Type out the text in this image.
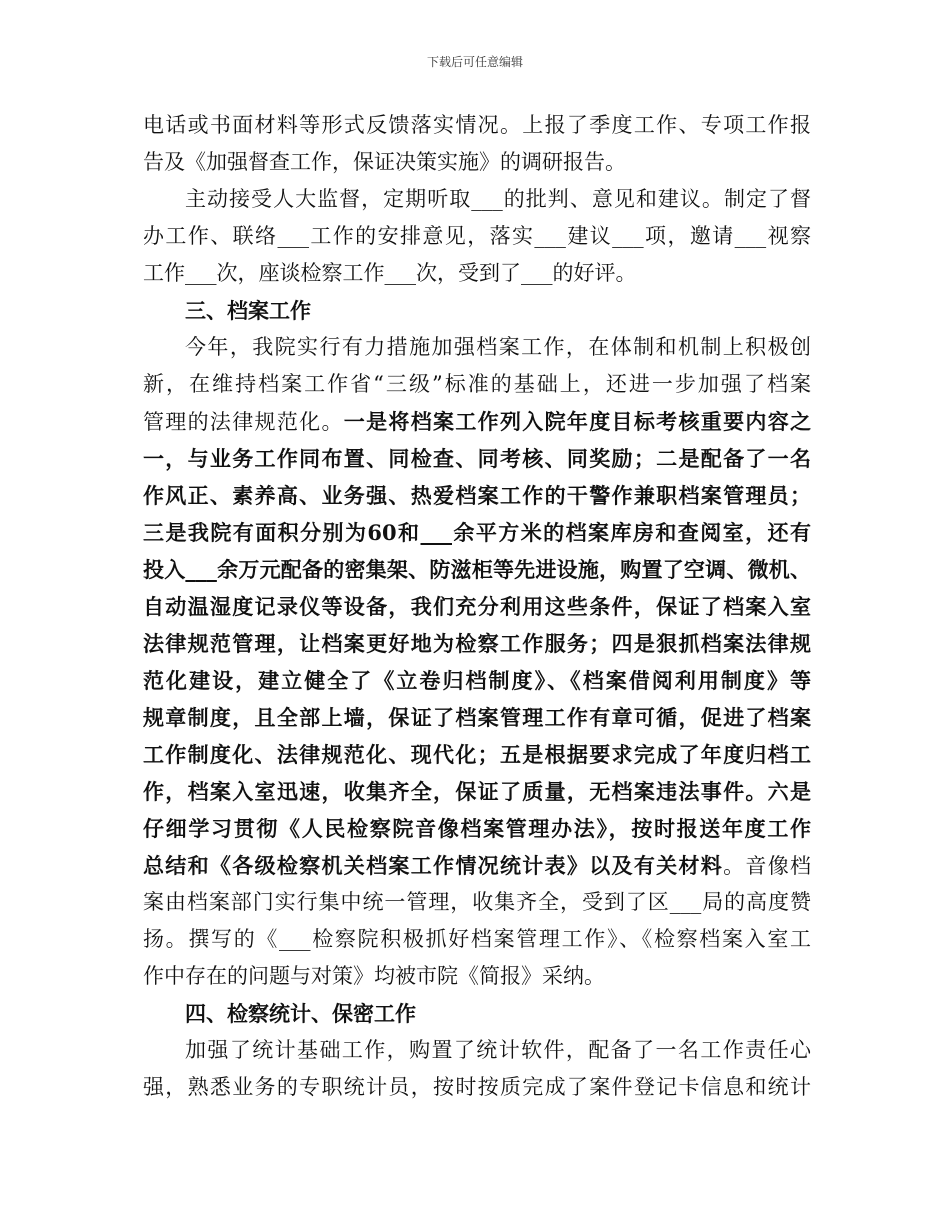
下载后可任意编辑
电话或书面材料等形式反馈落实情况。上报了季度工作、专项工作报
告及《加强督查工作，保证决策实施》的调研报告。
主动接受人大监督，定期听取___的批判、意见和建议。制定了督
办工作、联络___工作的安排意见，落实___建议___项，邀请___视察
工作___次，座谈检察工作___次，受到了___的好评。
三、档案工作
今年，我院实行有力措施加强档案工作，在体制和机制上积极创
新，在维持档案工作省“三级”标准的基础上，还进一步加强了档案
管理的法律规范化。一是将档案工作列入院年度目标考核重要内容之
一，与业务工作同布置、同检查、同考核、同奖励；二是配备了一名
作风正、素养高、业务强、热爱档案工作的干警作兼职档案管理员；
三是我院有面积分别为60和___余平方米的档案库房和查阅室，还有
投入___余万元配备的密集架、防滋柜等先进设施，购置了空调、微机、
自动温湿度记录仪等设备，我们充分利用这些条件，保证了档案入室
法律规范管理，让档案更好地为检察工作服务；四是狠抓档案法律规
范化建设，建立健全了《立卷归档制度》、《档案借阅利用制度》等
规章制度，且全部上墙，保证了档案管理工作有章可循，促进了档案
工作制度化、法律规范化、现代化；五是根据要求完成了年度归档工
作，档案入室迅速，收集齐全，保证了质量，无档案违法事件。六是
仔细学习贯彻《人民检察院音像档案管理办法》，按时报送年度工作
总结和《各级检察机关档案工作情况统计表》以及有关材料。音像档
案由档案部门实行集中统一管理，收集齐全，受到了区___局的高度赞
扬。撰写的《___检察院积极抓好档案管理工作》、《检察档案入室工
作中存在的问题与对策》均被市院《简报》采纳。
四、检察统计、保密工作
加强了统计基础工作，购置了统计软件，配备了一名工作责任心
强，熟悉业务的专职统计员，按时按质完成了案件登记卡信息和统计
